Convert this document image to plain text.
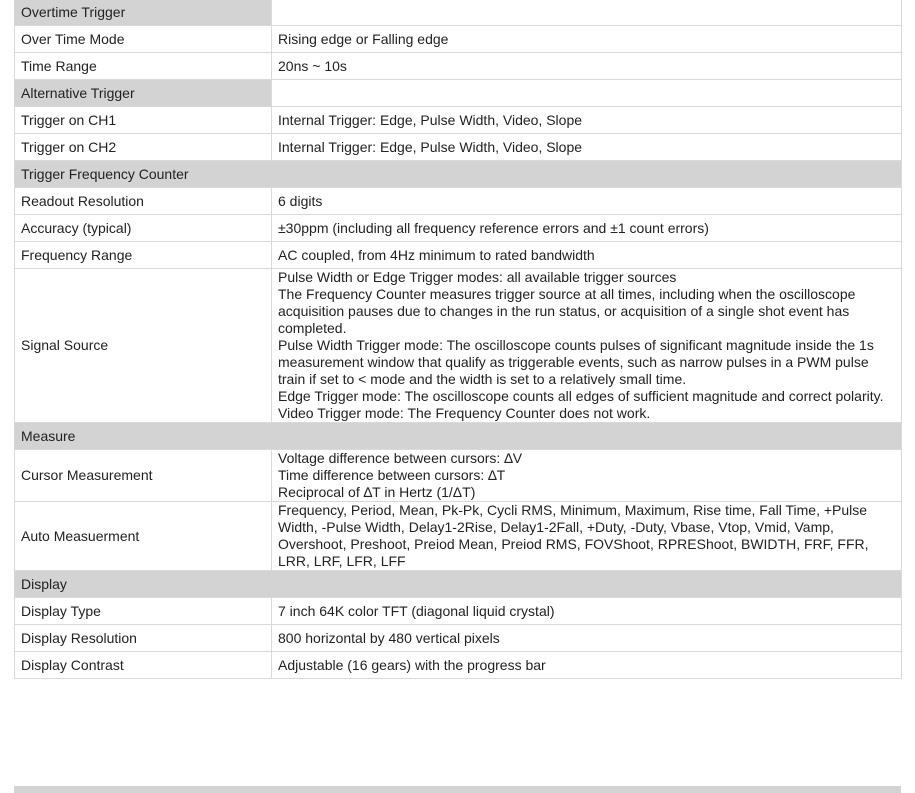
Overtime Trigger	
Over Time Mode	Rising edge or Falling edge
Time Range	20ns ~ 10s
Alternative Trigger	
Trigger on CH1	Internal Trigger: Edge, Pulse Width, Video, Slope
Trigger on CH2	Internal Trigger: Edge, Pulse Width, Video, Slope
Trigger Frequency Counter	
Readout Resolution	6 digits
Accuracy (typical)	±30ppm (including all frequency reference errors and ±1 count errors)
Frequency Range	AC coupled, from 4Hz minimum to rated bandwidth
Signal Source	Pulse Width or Edge Trigger modes: all available trigger sources
The Frequency Counter measures trigger source at all times, including when the oscilloscope acquisition pauses due to changes in the run status, or acquisition of a single shot event has completed.
Pulse Width Trigger mode: The oscilloscope counts pulses of significant magnitude inside the 1s measurement window that qualify as triggerable events, such as narrow pulses in a PWM pulse train if set to < mode and the width is set to a relatively small time.
Edge Trigger mode: The oscilloscope counts all edges of sufficient magnitude and correct polarity.
Video Trigger mode: The Frequency Counter does not work.
Measure	
Cursor Measurement	Voltage difference between cursors: ∆V
Time difference between cursors: ∆T
Reciprocal of ∆T in Hertz (1/ΔT)
Auto Measuerment	Frequency, Period, Mean, Pk-Pk, Cycli RMS, Minimum, Maximum, Rise time, Fall Time, +Pulse Width, -Pulse Width, Delay1-2Rise, Delay1-2Fall, +Duty, -Duty, Vbase, Vtop, Vmid, Vamp, Overshoot, Preshoot, Preiod Mean, Preiod RMS, FOVShoot, RPREShoot, BWIDTH, FRF, FFR, LRR, LRF, LFR, LFF
Display	
Display Type	7 inch 64K color TFT (diagonal liquid crystal)
Display Resolution	800 horizontal by 480 vertical pixels
Display Contrast	Adjustable (16 gears) with the progress bar
